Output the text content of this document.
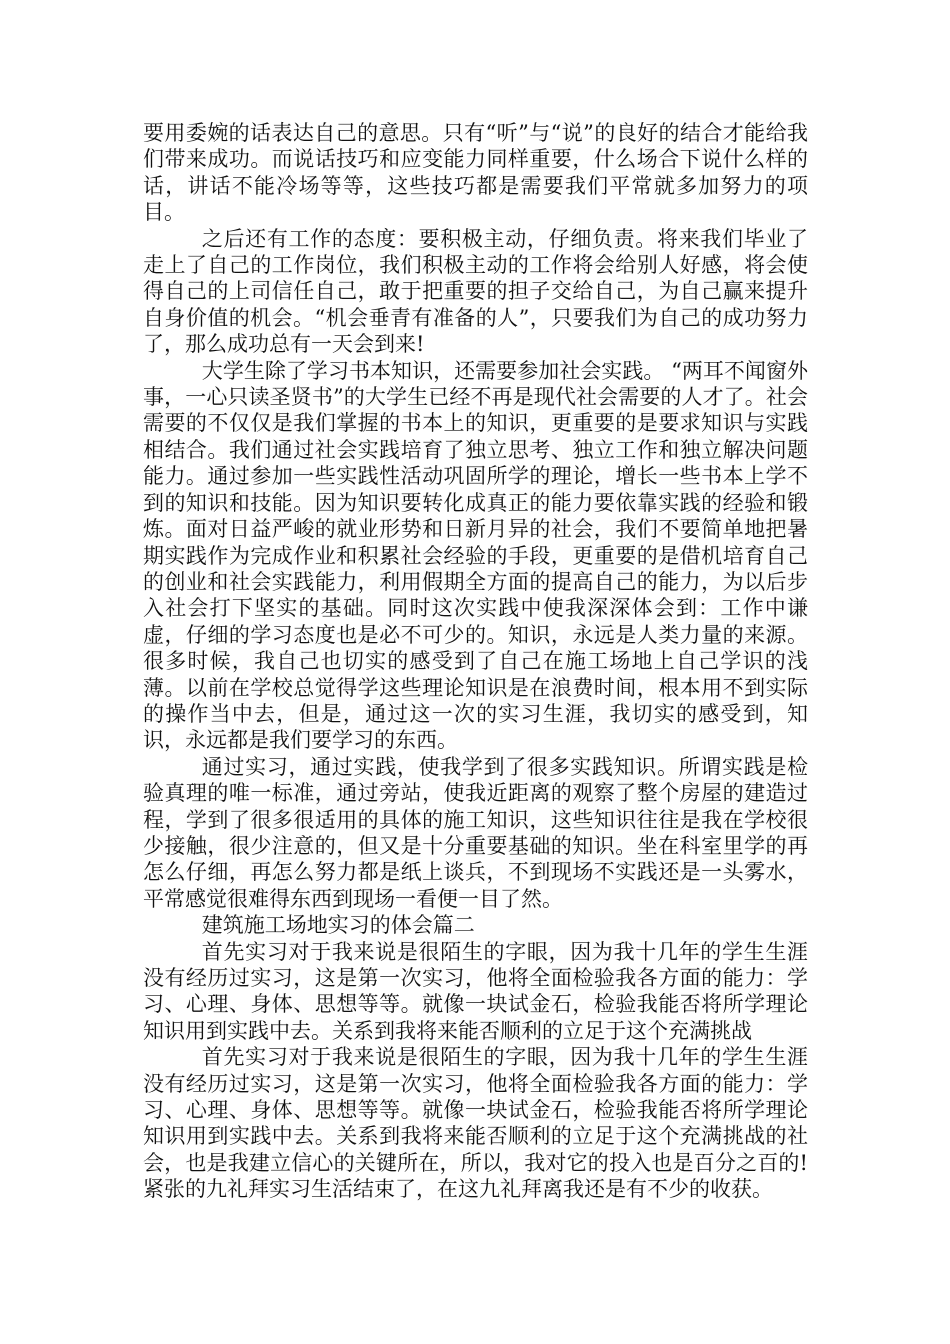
要用委婉的话表达自己的意思。只有“听”与“说”的良好的结合才能给我们带来成功。而说话技巧和应变能力同样重要，什么场合下说什么样的话，讲话不能冷场等等，这些技巧都是需要我们平常就多加努力的项目。

之后还有工作的态度：要积极主动，仔细负责。将来我们毕业了走上了自己的工作岗位，我们积极主动的工作将会给别人好感，将会使得自己的上司信任自己，敢于把重要的担子交给自己，为自己赢来提升自身价值的机会。“机会垂青有准备的人”，只要我们为自己的成功努力了，那么成功总有一天会到来!

大学生除了学习书本知识，还需要参加社会实践。 “两耳不闻窗外事，一心只读圣贤书”的大学生已经不再是现代社会需要的人才了。社会需要的不仅仅是我们掌握的书本上的知识，更重要的是要求知识与实践相结合。我们通过社会实践培育了独立思考、独立工作和独立解决问题能力。通过参加一些实践性活动巩固所学的理论，增长一些书本上学不到的知识和技能。因为知识要转化成真正的能力要依靠实践的经验和锻炼。面对日益严峻的就业形势和日新月异的社会，我们不要简单地把暑期实践作为完成作业和积累社会经验的手段，更重要的是借机培育自己的创业和社会实践能力，利用假期全方面的提高自己的能力，为以后步入社会打下坚实的基础。同时这次实践中使我深深体会到：工作中谦虚，仔细的学习态度也是必不可少的。知识，永远是人类力量的来源。很多时候，我自己也切实的感受到了自己在施工场地上自己学识的浅薄。以前在学校总觉得学这些理论知识是在浪费时间，根本用不到实际的操作当中去，但是，通过这一次的实习生涯，我切实的感受到，知识，永远都是我们要学习的东西。

通过实习，通过实践，使我学到了很多实践知识。所谓实践是检验真理的唯一标准，通过旁站，使我近距离的观察了整个房屋的建造过程，学到了很多很适用的具体的施工知识，这些知识往往是我在学校很少接触，很少注意的，但又是十分重要基础的知识。坐在科室里学的再怎么仔细，再怎么努力都是纸上谈兵，不到现场不实践还是一头雾水，平常感觉很难得东西到现场一看便一目了然。

建筑施工场地实习的体会篇二

首先实习对于我来说是很陌生的字眼，因为我十几年的学生生涯没有经历过实习，这是第一次实习，他将全面检验我各方面的能力：学习、心理、身体、思想等等。就像一块试金石，检验我能否将所学理论知识用到实践中去。关系到我将来能否顺利的立足于这个充满挑战

首先实习对于我来说是很陌生的字眼，因为我十几年的学生生涯没有经历过实习，这是第一次实习，他将全面检验我各方面的能力：学习、心理、身体、思想等等。就像一块试金石，检验我能否将所学理论知识用到实践中去。关系到我将来能否顺利的立足于这个充满挑战的社会，也是我建立信心的关键所在，所以，我对它的投入也是百分之百的!紧张的九礼拜实习生活结束了，在这九礼拜离我还是有不少的收获。
